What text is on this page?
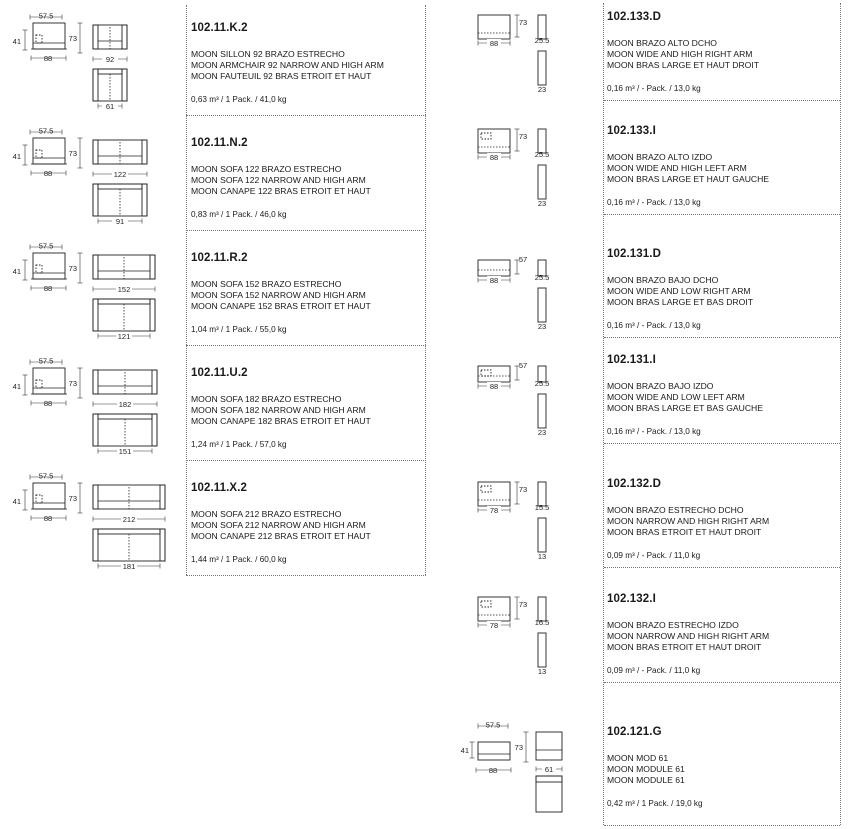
57.5
41
88
73
92
61
102.11.K.2
MOON SILLON 92 BRAZO ESTRECHO
MOON ARMCHAIR 92 NARROW AND HIGH ARM
MOON FAUTEUIL 92 BRAS ETROIT ET HAUT
0,63 m³ / 1 Pack. / 41,0 kg
57.5
41
88
73
122
91
102.11.N.2
MOON SOFA 122 BRAZO ESTRECHO
MOON SOFA 122 NARROW AND HIGH ARM
MOON CANAPE 122 BRAS ETROIT ET HAUT
0,83 m³ / 1 Pack. / 46,0 kg
57.5
41
88
73
152
121
102.11.R.2
MOON SOFA 152 BRAZO ESTRECHO
MOON SOFA 152 NARROW AND HIGH ARM
MOON CANAPE 152 BRAS ETROIT ET HAUT
1,04 m³ / 1 Pack. / 55,0 kg
57.5
41
88
73
182
151
102.11.U.2
MOON SOFA 182 BRAZO ESTRECHO
MOON SOFA 182 NARROW AND HIGH ARM
MOON CANAPE 182 BRAS ETROIT ET HAUT
1,24 m³ / 1 Pack. / 57,0 kg
57.5
41
88
73
212
181
102.11.X.2
MOON SOFA 212 BRAZO ESTRECHO
MOON SOFA 212 NARROW AND HIGH ARM
MOON CANAPE 212 BRAS ETROIT ET HAUT
1,44 m³ / 1 Pack. / 60,0 kg
73
88	25.5
23
102.133.D
MOON BRAZO ALTO DCHO
MOON WIDE AND HIGH RIGHT ARM
MOON BRAS LARGE ET HAUT DROIT
0,16 m³ / - Pack. / 13,0 kg
73
88	25.5
23
102.133.I
MOON BRAZO ALTO IZDO
MOON WIDE AND HIGH LEFT ARM
MOON BRAS LARGE ET HAUT GAUCHE
0,16 m³ / - Pack. / 13,0 kg
57
88	25.5
23
102.131.D
MOON BRAZO BAJO DCHO
MOON WIDE AND LOW RIGHT ARM
MOON BRAS LARGE ET BAS DROIT
0,16 m³ / - Pack. / 13,0 kg
57
88	25.5
23
102.131.I
MOON BRAZO BAJO IZDO
MOON WIDE AND LOW LEFT ARM
MOON BRAS LARGE ET BAS GAUCHE
0,16 m³ / - Pack. / 13,0 kg
73
78	15.5
13
102.132.D
MOON BRAZO ESTRECHO DCHO
MOON NARROW AND HIGH RIGHT ARM
MOON BRAS ETROIT ET HAUT DROIT
0,09 m³ / - Pack. / 11,0 kg
73
78	16.5
13
102.132.I
MOON BRAZO ESTRECHO IZDO
MOON NARROW AND HIGH RIGHT ARM
MOON BRAS ETROIT ET HAUT DROIT
0,09 m³ / - Pack. / 11,0 kg
57.5
41
88
73
61
102.121.G
MOON MOD 61
MOON MODULE 61
MOON MODULE 61
0,42 m³ / 1 Pack. / 19,0 kg
